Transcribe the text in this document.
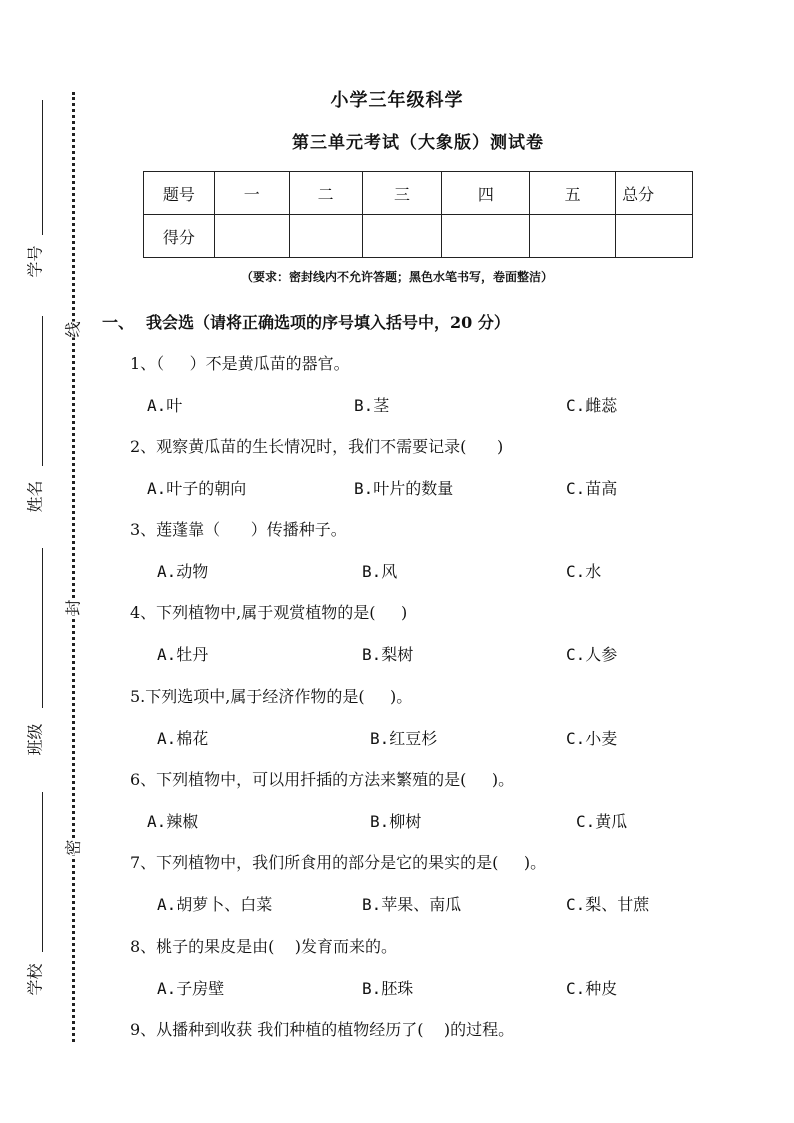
学号
姓名
班级
学校
线
封
密
小学三年级科学
第三单元考试（大象版）测试卷
题号	一	二	三	四	五	总分
得分						
（要求：密封线内不允许答题；黑色水笔书写，卷面整洁）
一、 我会选（请将正确选项的序号填入括号中，20 分）
1、（     ）不是黄瓜苗的器官。
A.叶	B.茎	C.雌蕊
2、观察黄瓜苗的生长情况时，我们不需要记录(      )
A.叶子的朝向	B.叶片的数量	C.苗高
3、莲蓬靠（      ）传播种子。
A.动物	B.风	C.水
4、下列植物中,属于观赏植物的是(     )
A.牡丹	B.梨树	C.人参
5.下列选项中,属于经济作物的是(     )。
A.棉花	B.红豆杉	C.小麦
6、下列植物中，可以用扦插的方法来繁殖的是(     )。
A.辣椒	B.柳树	C.黄瓜
7、下列植物中，我们所食用的部分是它的果实的是(     )。
A.胡萝卜、白菜	B.苹果、南瓜	C.梨、甘蔗
8、桃子的果皮是由(    )发育而来的。
A.子房壁	B.胚珠	C.种皮
9、从播种到收获 我们种植的植物经历了(    )的过程。
